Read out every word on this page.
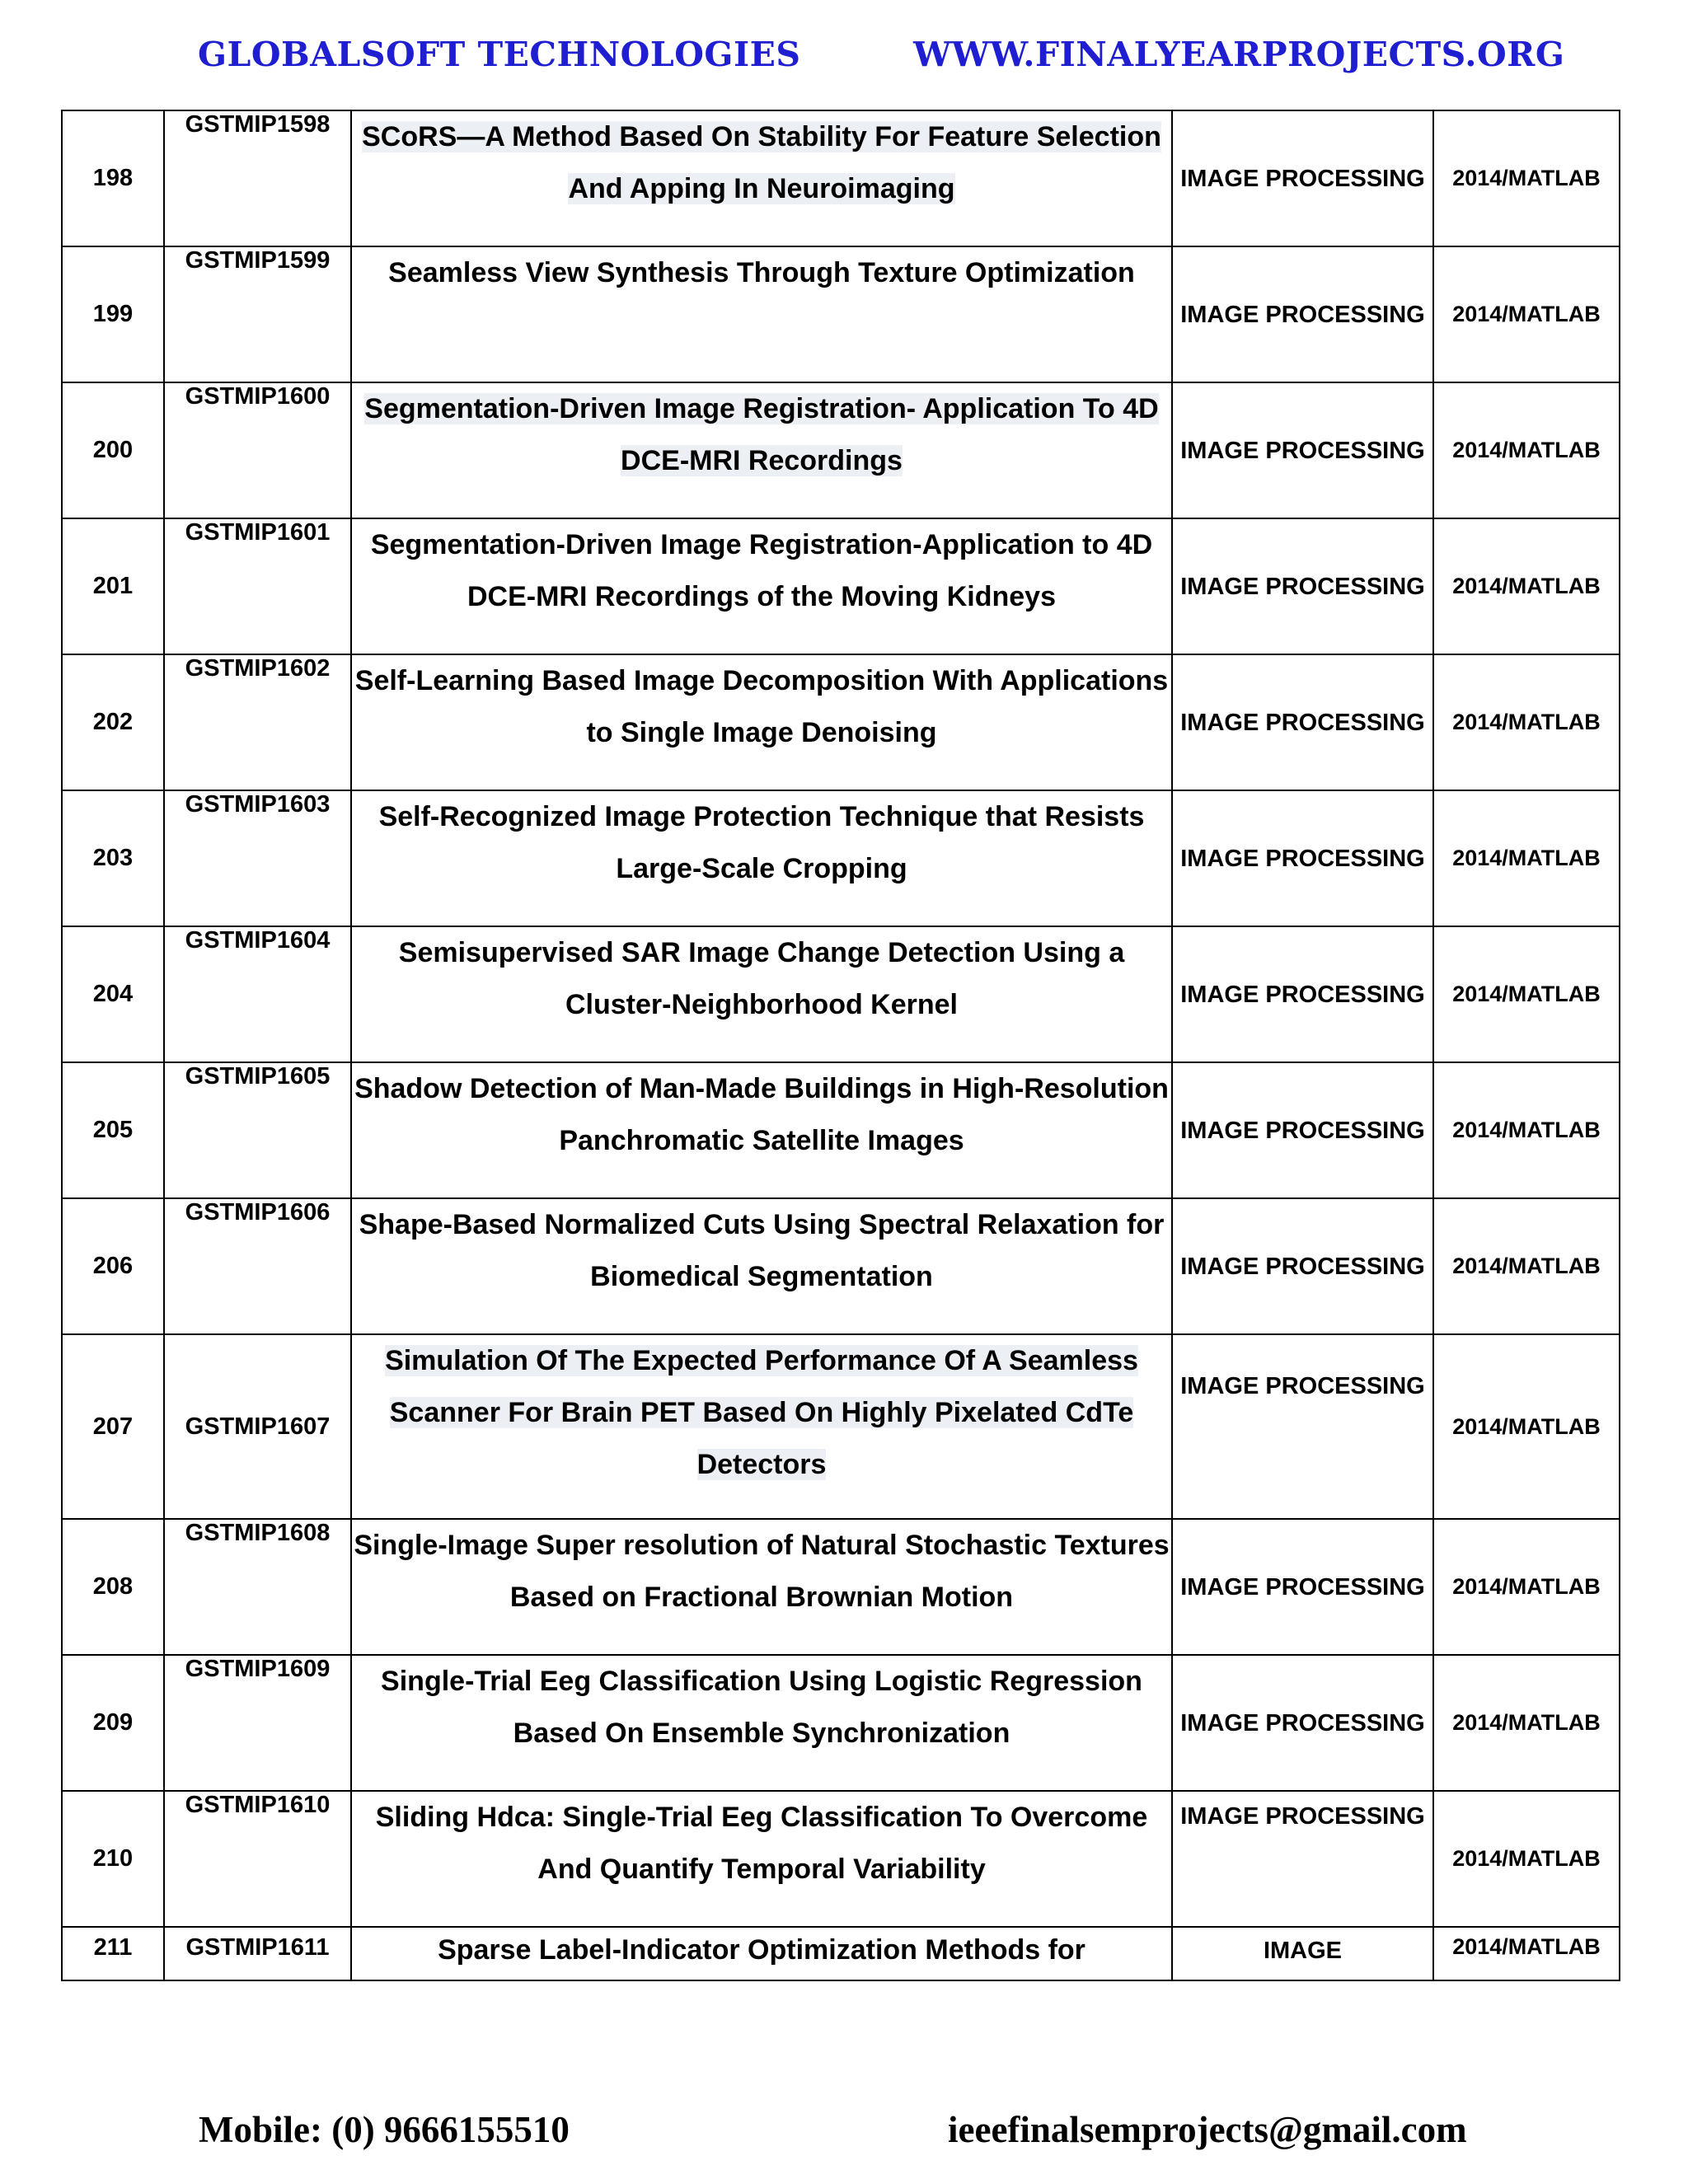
GLOBALSOFT TECHNOLOGIES	WWW.FINALYEARPROJECTS.ORG
198	GSTMIP1598	SCoRS—A Method Based On Stability For Feature Selection And Apping In Neuroimaging	IMAGE PROCESSING	2014/MATLAB
199	GSTMIP1599	Seamless View Synthesis Through Texture Optimization	IMAGE PROCESSING	2014/MATLAB
200	GSTMIP1600	Segmentation-Driven Image Registration- Application To 4D DCE-MRI Recordings	IMAGE PROCESSING	2014/MATLAB
201	GSTMIP1601	Segmentation-Driven Image Registration-Application to 4D DCE-MRI Recordings of the Moving Kidneys	IMAGE PROCESSING	2014/MATLAB
202	GSTMIP1602	Self-Learning Based Image Decomposition With Applications to Single Image Denoising	IMAGE PROCESSING	2014/MATLAB
203	GSTMIP1603	Self-Recognized Image Protection Technique that Resists Large-Scale Cropping	IMAGE PROCESSING	2014/MATLAB
204	GSTMIP1604	Semisupervised SAR Image Change Detection Using a Cluster-Neighborhood Kernel	IMAGE PROCESSING	2014/MATLAB
205	GSTMIP1605	Shadow Detection of Man-Made Buildings in High-Resolution Panchromatic Satellite Images	IMAGE PROCESSING	2014/MATLAB
206	GSTMIP1606	Shape-Based Normalized Cuts Using Spectral Relaxation for Biomedical Segmentation	IMAGE PROCESSING	2014/MATLAB
207	GSTMIP1607	Simulation Of The Expected Performance Of A Seamless Scanner For Brain PET Based On Highly Pixelated CdTe Detectors	IMAGE PROCESSING	2014/MATLAB
208	GSTMIP1608	Single-Image Super resolution of Natural Stochastic Textures Based on Fractional Brownian Motion	IMAGE PROCESSING	2014/MATLAB
209	GSTMIP1609	Single-Trial Eeg Classification Using Logistic Regression Based On Ensemble Synchronization	IMAGE PROCESSING	2014/MATLAB
210	GSTMIP1610	Sliding Hdca: Single-Trial Eeg Classification To Overcome And Quantify Temporal Variability	IMAGE PROCESSING	2014/MATLAB
211	GSTMIP1611	Sparse Label-Indicator Optimization Methods for	IMAGE	2014/MATLAB
Mobile: (0) 9666155510	ieeefinalsemprojects@gmail.com
